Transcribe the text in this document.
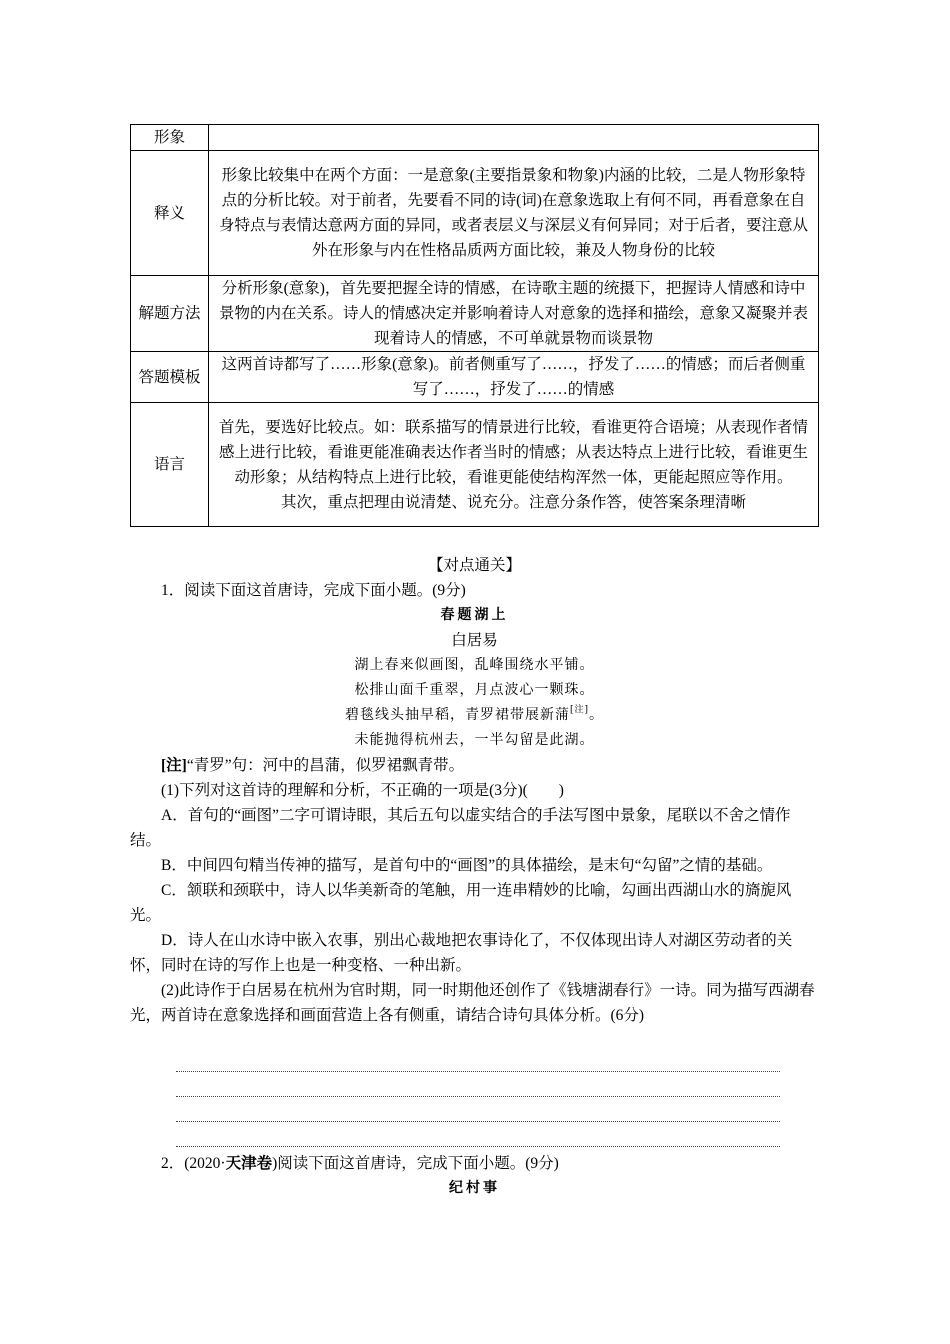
形象	
释义	形象比较集中在两个方面：一是意象(主要指景象和物象)内涵的比较，二是人物形象特点的分析比较。对于前者，先要看不同的诗(词)在意象选取上有何不同，再看意象在自身特点与表情达意两方面的异同，或者表层义与深层义有何异同；对于后者，要注意从外在形象与内在性格品质两方面比较，兼及人物身份的比较
解题方法	分析形象(意象)，首先要把握全诗的情感，在诗歌主题的统摄下，把握诗人情感和诗中景物的内在关系。诗人的情感决定并影响着诗人对意象的选择和描绘，意象又凝聚并表现着诗人的情感，不可单就景物而谈景物
答题模板	这两首诗都写了……形象(意象)。前者侧重写了……，抒发了……的情感；而后者侧重写了……，抒发了……的情感
语言	首先，要选好比较点。如：联系描写的情景进行比较，看谁更符合语境；从表现作者情感上进行比较，看谁更能准确表达作者当时的情感；从表达特点上进行比较，看谁更生动形象；从结构特点上进行比较，看谁更能使结构浑然一体，更能起照应等作用。
其次，重点把理由说清楚、说充分。注意分条作答，使答案条理清晰
【对点通关】
1．阅读下面这首唐诗，完成下面小题。(9分)
春题湖上
白居易
湖上春来似画图，乱峰围绕水平铺。
松排山面千重翠，月点波心一颗珠。
碧毯线头抽早稻，青罗裙带展新蒲[注]。
未能抛得杭州去，一半勾留是此湖。
[注]“青罗”句：河中的昌蒲，似罗裙飘青带。
(1)下列对这首诗的理解和分析，不正确的一项是(3分)(　　)
A．首句的“画图”二字可谓诗眼，其后五句以虚实结合的手法写图中景象，尾联以不舍之情作结。
B．中间四句精当传神的描写，是首句中的“画图”的具体描绘，是末句“勾留”之情的基础。
C．颔联和颈联中，诗人以华美新奇的笔触，用一连串精妙的比喻，勾画出西湖山水的旖旎风光。
D．诗人在山水诗中嵌入农事，别出心裁地把农事诗化了，不仅体现出诗人对湖区劳动者的关怀，同时在诗的写作上也是一种变格、一种出新。
(2)此诗作于白居易在杭州为官时期，同一时期他还创作了《钱塘湖春行》一诗。同为描写西湖春光，两首诗在意象选择和画面营造上各有侧重，请结合诗句具体分析。(6分)
2．(2020·天津卷)阅读下面这首唐诗，完成下面小题。(9分)
纪村事
